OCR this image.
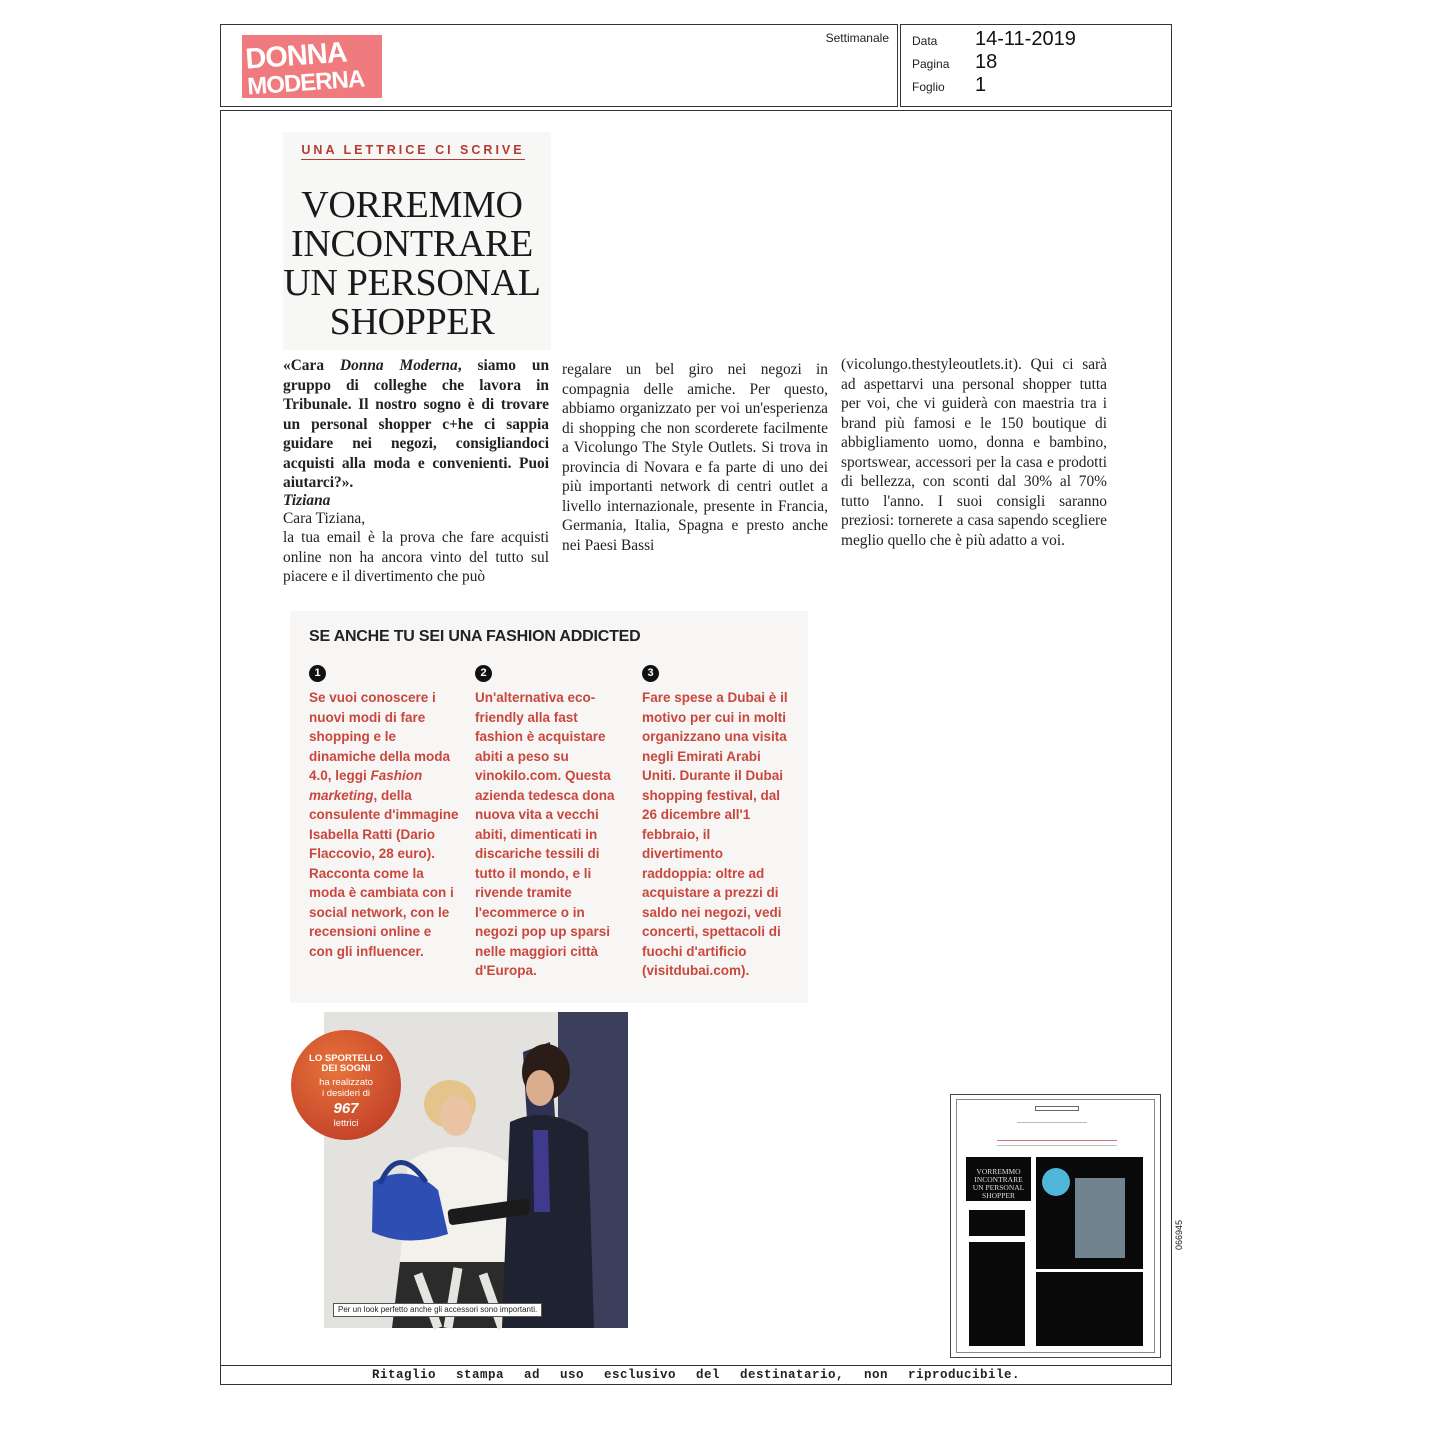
DONNA
MODERNA
Settimanale Data 14-11-2019
Pagina 18
Foglio 1
Ritaglio stampa ad uso esclusivo del destinatario, non riproducibile.
UNA LETTRICE CI SCRIVE
VORREMMO
INCONTRARE
UN PERSONAL
SHOPPER
«Cara Donna Moderna, siamo un gruppo di colleghe che lavora in Tribunale. Il nostro sogno è di trovare un personal shopper c+he ci sappia guidare nei negozi, consigliandoci acquisti alla moda e convenienti. Puoi aiutarci?».
Tiziana
Cara Tiziana,
la tua email è la prova che fare acquisti online non ha ancora vinto del tutto sul piacere e il divertimento che può
regalare un bel giro nei negozi in compagnia delle amiche. Per questo, abbiamo organizzato per voi un'esperienza di shopping che non scorderete facilmente a Vicolungo The Style Outlets. Si trova in provincia di Novara e fa parte di uno dei più importanti network di centri outlet a livello internazionale, presente in Francia, Germania, Italia, Spagna e presto anche nei Paesi Bassi
(vicolungo.thestyleoutlets.it). Qui ci sarà ad aspettarvi una personal shopper tutta per voi, che vi guiderà con maestria tra i brand più famosi e le 150 boutique di abbigliamento uomo, donna e bambino, sportswear, accessori per la casa e prodotti di bellezza, con sconti dal 30% al 70% tutto l'anno. I suoi consigli saranno preziosi: tornerete a casa sapendo scegliere meglio quello che è più adatto a voi.
SE ANCHE TU SEI UNA FASHION ADDICTED
1
Se vuoi conoscere i nuovi modi di fare shopping e le dinamiche della moda 4.0, leggi Fashion marketing, della consulente d'immagine Isabella Ratti (Dario Flaccovio, 28 euro). Racconta come la moda è cambiata con i social network, con le recensioni online e con gli influencer.
2
Un'alternativa eco-friendly alla fast fashion è acquistare abiti a peso su vinokilo.com. Questa azienda tedesca dona nuova vita a vecchi abiti, dimenticati in discariche tessili di tutto il mondo, e li rivende tramite l'ecommerce o in negozi pop up sparsi nelle maggiori città d'Europa.
3
Fare spese a Dubai è il motivo per cui in molti organizzano una visita negli Emirati Arabi Uniti. Durante il Dubai shopping festival, dal 26 dicembre all'1 febbraio, il divertimento raddoppia: oltre ad acquistare a prezzi di saldo nei negozi, vedi concerti, spettacoli di fuochi d'artificio (visitdubai.com).
LO SPORTELLO
DEI SOGNI
ha realizzato
i desideri di
967
lettrici
Per un look perfetto anche gli accessori sono importanti.
VORREMMO
INCONTRARE
UN PERSONAL
SHOPPER
066945
